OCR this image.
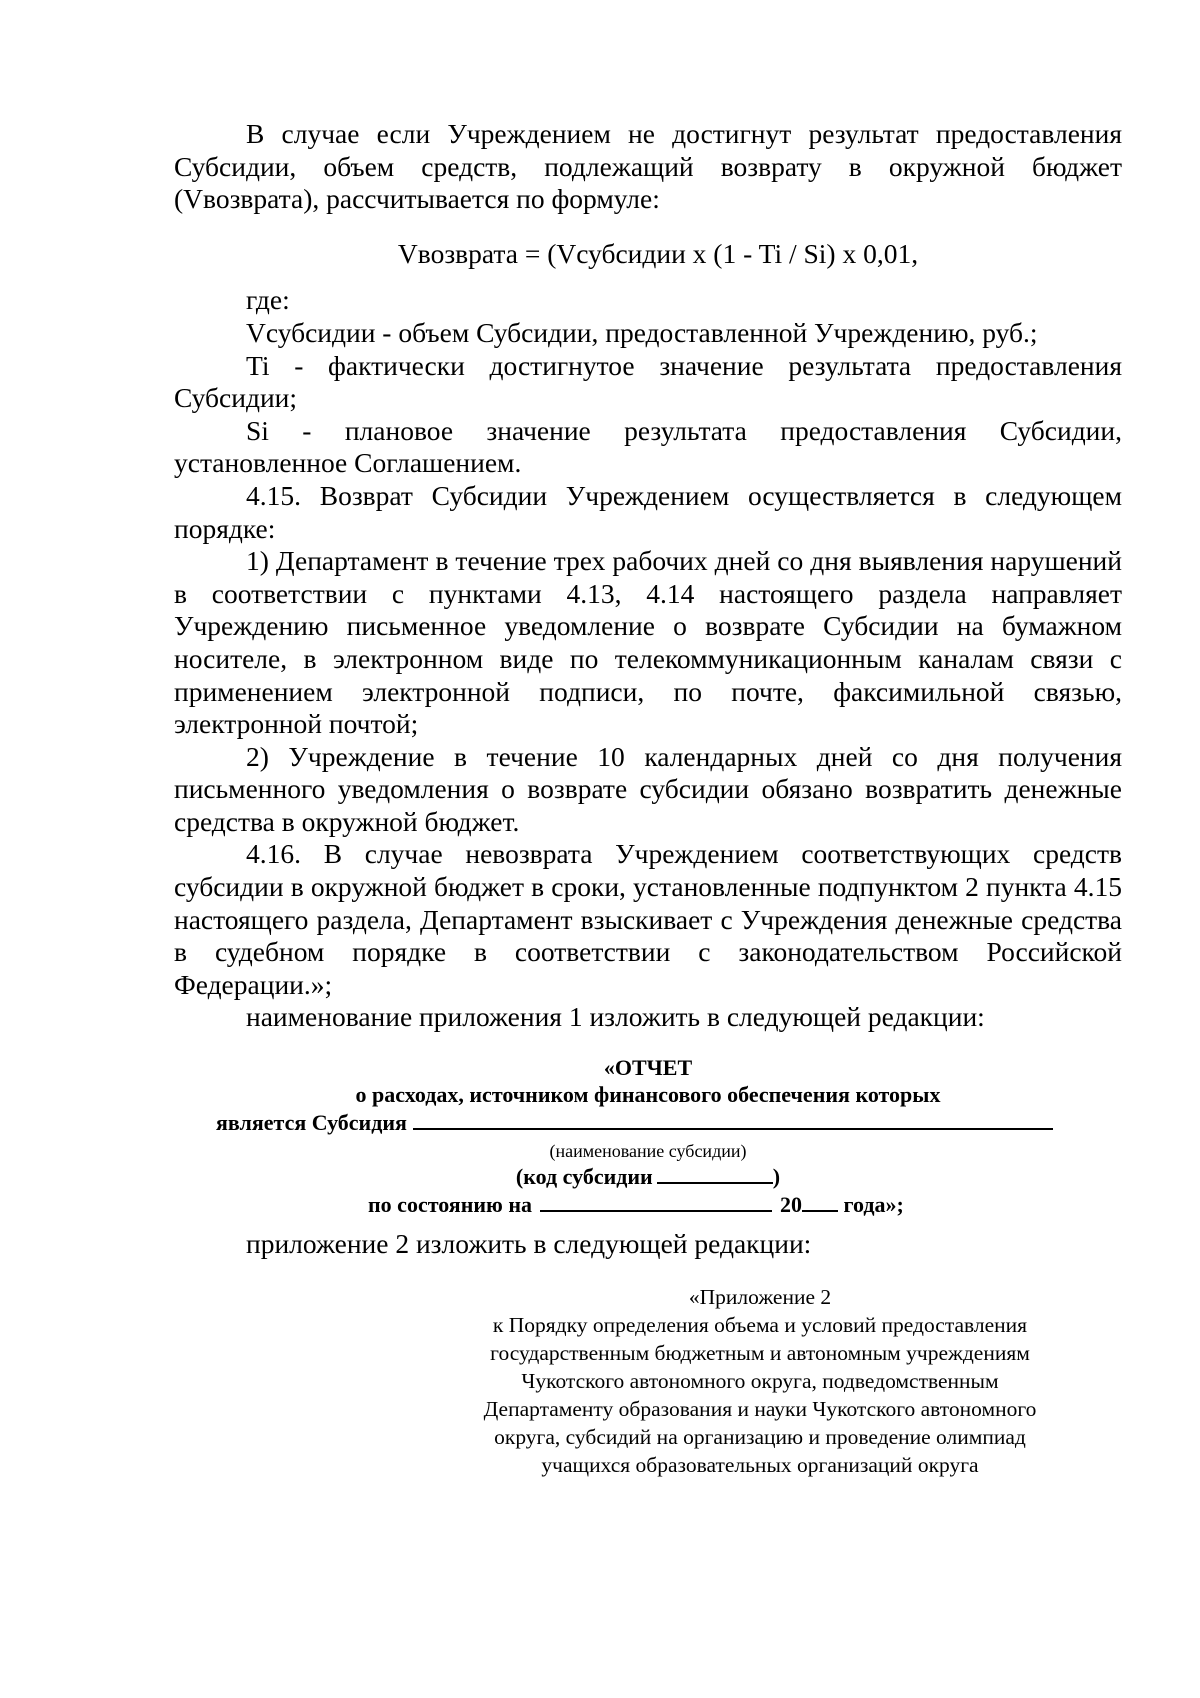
В случае если Учреждением не достигнут результат предоставления Субсидии, объем средств, подлежащий возврату в окружной бюджет (Vвозврата), рассчитывается по формуле:

Vвозврата = (Vсубсидии x (1 - Ti / Si) x 0,01,

где:

Vсубсидии - объем Субсидии, предоставленной Учреждению, руб.;

Ti - фактически достигнутое значение результата предоставления Субсидии;

Si - плановое значение результата предоставления Субсидии, установленное Соглашением.

4.15. Возврат Субсидии Учреждением осуществляется в следующем порядке:

1) Департамент в течение трех рабочих дней со дня выявления нарушений в соответствии с пунктами 4.13, 4.14 настоящего раздела направляет Учреждению письменное уведомление о возврате Субсидии на бумажном носителе, в электронном виде по телекоммуникационным каналам связи с применением электронной подписи, по почте, факсимильной связью, электронной почтой;

2) Учреждение в течение 10 календарных дней со дня получения письменного уведомления о возврате субсидии обязано возвратить денежные средства в окружной бюджет.

4.16. В случае невозврата Учреждением соответствующих средств субсидии в окружной бюджет в сроки, установленные подпунктом 2 пункта 4.15 настоящего раздела, Департамент взыскивает с Учреждения денежные средства в судебном порядке в соответствии с законодательством Российской Федерации.»;

наименование приложения 1 изложить в следующей редакции:

«ОТЧЕТ
о расходах, источником финансового обеспечения которых
является Субсидия
(наименование субсидии)
(код субсидии	)
по состоянию на	20 года»;

приложение 2 изложить в следующей редакции:

«Приложение 2
к Порядку определения объема и условий предоставления
государственным бюджетным и автономным учреждениям
Чукотского автономного округа, подведомственным
Департаменту образования и науки Чукотского автономного
округа, субсидий на организацию и проведение олимпиад
учащихся образовательных организаций округа
